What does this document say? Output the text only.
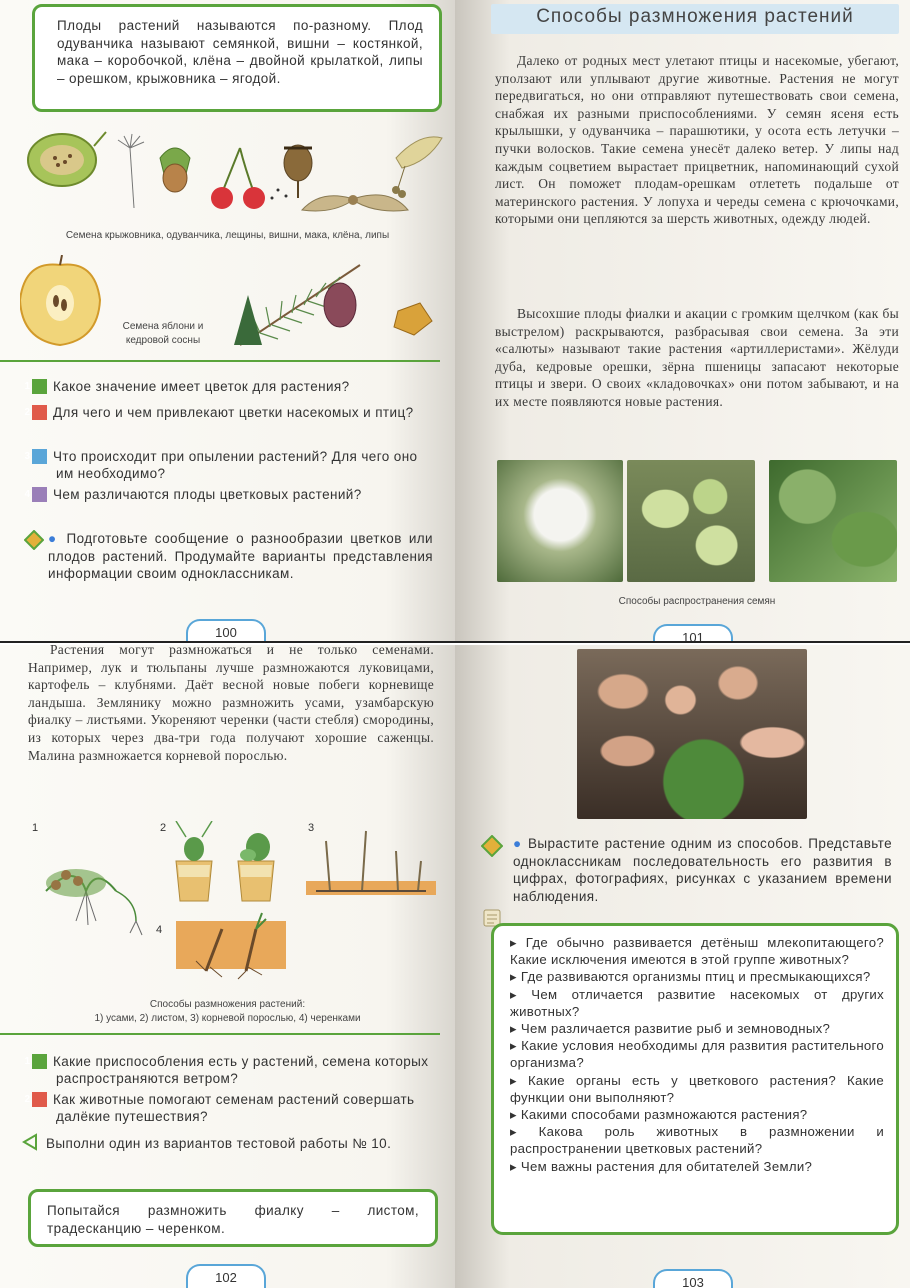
Плоды растений называются по-разному. Плод одуванчика называют семянкой, вишни – костянкой, мака – коробочкой, клёна – двойной крылаткой, липы – орешком, крыжовника – ягодой.
Семена крыжовника, одуванчика, лещины, вишни, мака, клёна, липы
Семена яблони и кедровой сосны
1 Какое значение имеет цветок для растения?
2 Для чего и чем привлекают цветки насекомых и птиц?
3 Что происходит при опылении растений? Для чего оно им необходимо?
4 Чем различаются плоды цветковых растений?
● Подготовьте сообщение о разнообразии цветков или плодов растений. Продумайте варианты представления информации своим одноклассникам.
100
Способы размножения растений
Далеко от родных мест улетают птицы и насекомые, убегают, уползают или уплывают другие животные. Растения не могут передвигаться, но они отправляют путешествовать свои семена, снабжая их разными приспособлениями. У семян ясеня есть крылышки, у одуванчика – парашютики, у осота есть летучки – пучки волосков. Такие семена унесёт далеко ветер. У липы над каждым соцветием вырастает прицветник, напоминающий сухой лист. Он поможет плодам-орешкам отлететь подальше от материнского растения. У лопуха и череды семена с крючочками, которыми они цепляются за шерсть животных, одежду людей.
Высохшие плоды фиалки и акации с громким щелчком (как бы выстрелом) раскрываются, разбрасывая свои семена. За эти «салюты» называют такие растения «артиллеристами». Жёлуди дуба, кедровые орешки, зёрна пшеницы запасают некоторые птицы и звери. О своих «кладовочках» они потом забывают, и на их месте появляются новые растения.
Способы распространения семян
101
Растения могут размножаться и не только семенами. Например, лук и тюльпаны лучше размножаются луковицами, картофель – клубнями. Даёт весной новые побеги корневище ландыша. Землянику можно размножить усами, узамбарскую фиалку – листьями. Укореняют черенки (части стебля) смородины, из которых через два-три года получают хорошие саженцы. Малина размножается корневой порослью.
1	2	3
4
Способы размножения растений:
1) усами, 2) листом, 3) корневой порослью, 4) черенками
1 Какие приспособления есть у растений, семена которых распространяются ветром?
2 Как животные помогают семенам растений совершать далёкие путешествия?
Выполни один из вариантов тестовой работы № 10.
Попытайся размножить фиалку – листом, традесканцию – черенком.
102
● Вырастите растение одним из способов. Представьте одноклассникам последовательность его развития в цифрах, фотографиях, рисунках с указанием времени наблюдения.
▸ Где обычно развивается детёныш млекопитающего? Какие исключения имеются в этой группе животных?
▸ Где развиваются организмы птиц и пресмыкающихся?
▸ Чем отличается развитие насекомых от других животных?
▸ Чем различается развитие рыб и земноводных?
▸ Какие условия необходимы для развития растительного организма?
▸ Какие органы есть у цветкового растения? Какие функции они выполняют?
▸ Какими способами размножаются растения?
▸ Какова роль животных в размножении и распространении цветковых растений?
▸ Чем важны растения для обитателей Земли?
103
